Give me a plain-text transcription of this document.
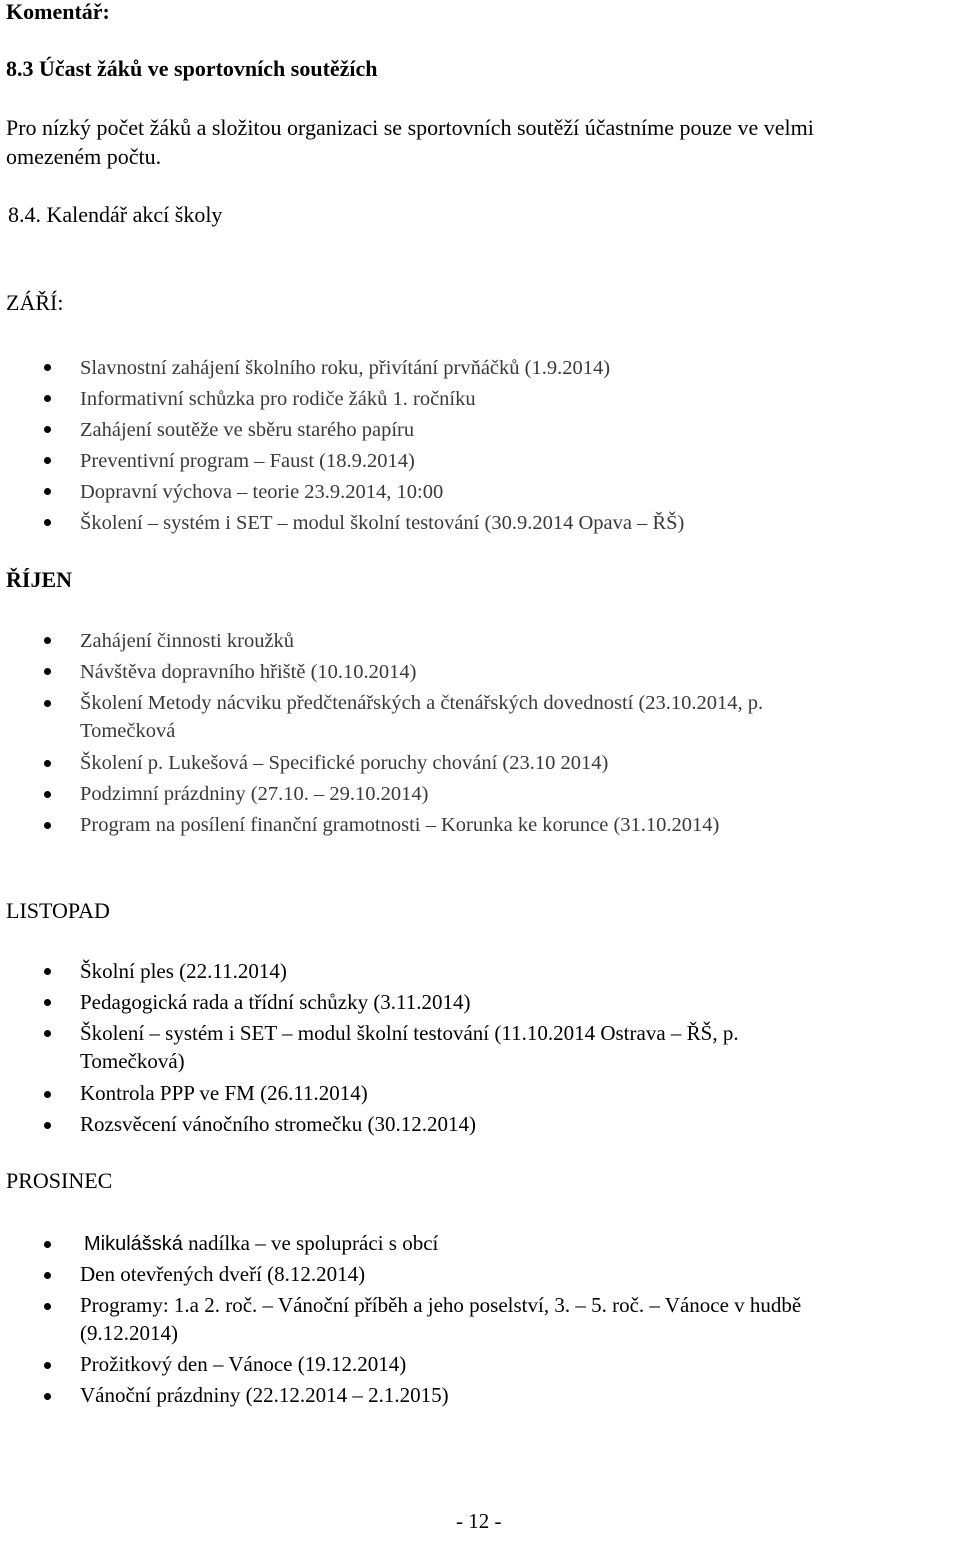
Komentář:
8.3 Účast žáků ve sportovních soutěžích
Pro nízký počet žáků a složitou organizaci se sportovních soutěží účastníme pouze ve velmi
omezeném počtu.
8.4. Kalendář akcí školy
ZÁŘÍ:
Slavnostní zahájení školního roku, přivítání prvňáčků (1.9.2014)
Informativní schůzka pro rodiče žáků 1. ročníku
Zahájení soutěže ve sběru starého papíru
Preventivní program – Faust (18.9.2014)
Dopravní výchova – teorie 23.9.2014, 10:00
Školení – systém i SET – modul školní testování (30.9.2014 Opava – ŘŠ)
ŘÍJEN
Zahájení činnosti kroužků
Návštěva dopravního hřiště (10.10.2014)
Školení Metody nácviku předčtenářských a čtenářských dovedností (23.10.2014, p.
Tomečková
Školení p. Lukešová – Specifické poruchy chování (23.10 2014)
Podzimní prázdniny (27.10. – 29.10.2014)
Program na posílení finanční gramotnosti – Korunka ke korunce (31.10.2014)
LISTOPAD
Školní ples (22.11.2014)
Pedagogická rada a třídní schůzky (3.11.2014)
Školení – systém i SET – modul školní testování (11.10.2014 Ostrava – ŘŠ, p.
Tomečková)
Kontrola PPP ve FM (26.11.2014)
Rozsvěcení vánočního stromečku (30.12.2014)
PROSINEC
Mikulášská nadílka – ve spolupráci s obcí
Den otevřených dveří (8.12.2014)
Programy: 1.a 2. roč. – Vánoční příběh a jeho poselství, 3. – 5. roč. – Vánoce v hudbě
(9.12.2014)
Prožitkový den – Vánoce (19.12.2014)
Vánoční prázdniny (22.12.2014 – 2.1.2015)
- 12 -
